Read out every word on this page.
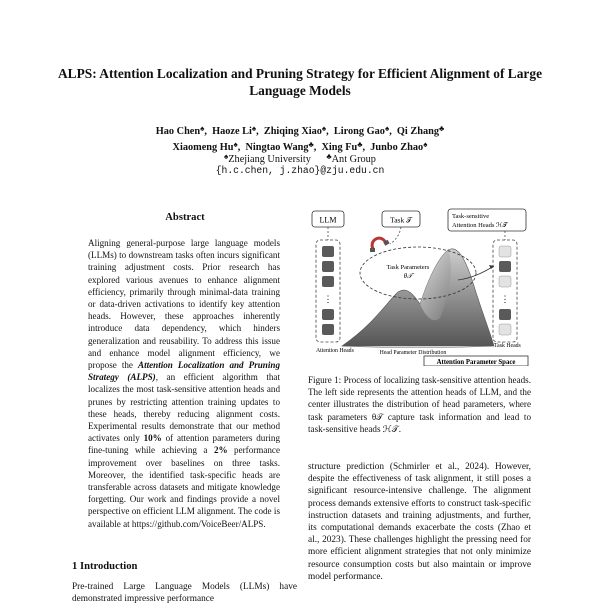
ALPS: Attention Localization and Pruning Strategy for Efficient Alignment of Large Language Models
Hao Chen♠,  Haoze Li♠,  Zhiqing Xiao♠,  Lirong Gao♠,  Qi Zhang♣
Xiaomeng Hu♠,  Ningtao Wang♣,  Xing Fu♣,  Junbo Zhao♠
♠Zhejiang University ♣Ant Group
{h.c.chen, j.zhao}@zju.edu.cn
Abstract
Aligning general-purpose large language models (LLMs) to downstream tasks often incurs significant training adjustment costs. Prior research has explored various avenues to enhance alignment efficiency, primarily through minimal-data training or data-driven activations to identify key attention heads. However, these approaches inherently introduce data dependency, which hinders generalization and reusability. To address this issue and enhance model alignment efficiency, we propose the Attention Localization and Pruning Strategy (ALPS), an efficient algorithm that localizes the most task-sensitive attention heads and prunes by restricting attention training updates to these heads, thereby reducing alignment costs. Experimental results demonstrate that our method activates only 10% of attention parameters during fine-tuning while achieving a 2% performance improvement over baselines on three tasks. Moreover, the identified task-specific heads are transferable across datasets and mitigate knowledge forgetting. Our work and findings provide a novel perspective on efficient LLM alignment. The code is available at https://github.com/VoiceBeer/ALPS.
1 Introduction
Pre-trained Large Language Models (LLMs) have demonstrated impressive performance
LLM	Task 𝒯	Task-sensitive
Attention Heads ℋ𝒯
⋮	⋮
Task Parameters
θ𝒯
Attention Heads	Head Parameter Distribution
Task Heads
Attention Parameter Space
Figure 1: Process of localizing task-sensitive attention heads. The left side represents the attention heads of LLM, and the center illustrates the distribution of head parameters, where task parameters θ𝒯 capture task information and lead to task-sensitive heads ℋ𝒯.
structure prediction (Schmirler et al., 2024). However, despite the effectiveness of task alignment, it still poses a significant resource-intensive challenge. The alignment process demands extensive efforts to construct task-specific instruction datasets and training adjustments, and further, its computational demands exacerbate the costs (Zhao et al., 2023). These challenges highlight the pressing need for more efficient alignment strategies that not only minimize resource consumption costs but also maintain or improve model performance.
